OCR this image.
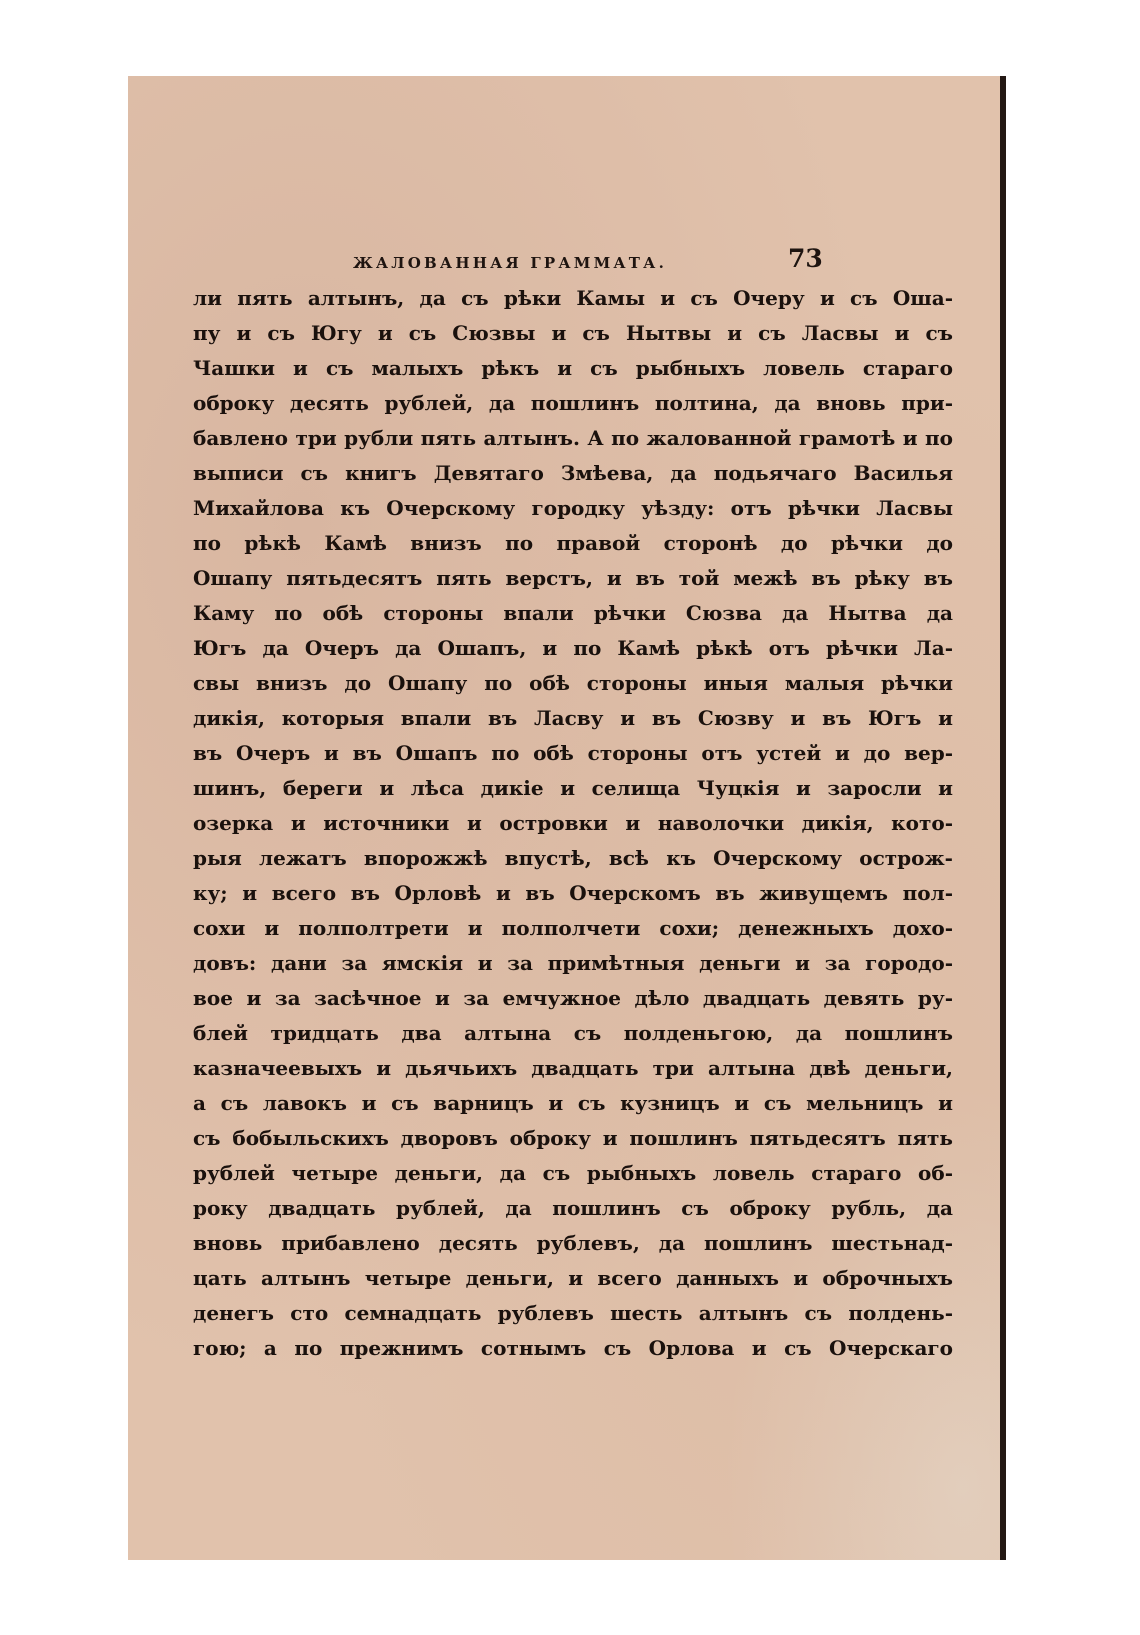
ЖАЛОВАННАЯ ГРАММАТА.	73
ли пять алтынъ, да съ рѣки Камы и съ Очеру и съ Оша-
пу и съ Югу и съ Сюзвы и съ Нытвы и съ Ласвы и съ
Чашки и съ малыхъ рѣкъ и съ рыбныхъ ловель стараго
оброку десять рублей, да пошлинъ полтина, да вновь при-
бавлено три рубли пять алтынъ. А по жалованной грамотѣ и по
выписи съ книгъ Девятаго Змѣева, да подьячаго Василья
Михайлова къ Очерскому городку уѣзду: отъ рѣчки Ласвы
по рѣкѣ Камѣ внизъ по правой сторонѣ до рѣчки до
Ошапу пятьдесятъ пять верстъ, и въ той межѣ въ рѣку въ
Каму по обѣ стороны впали рѣчки Сюзва да Нытва да
Югъ да Очеръ да Ошапъ, и по Камѣ рѣкѣ отъ рѣчки Ла-
свы внизъ до Ошапу по обѣ стороны иныя малыя рѣчки
дикія, которыя впали въ Ласву и въ Сюзву и въ Югъ и
въ Очеръ и въ Ошапъ по обѣ стороны отъ устей и до вер-
шинъ, береги и лѣса дикіе и селища Чуцкія и заросли и
озерка и источники и островки и наволочки дикія, кото-
рыя лежатъ впорожжѣ впустѣ, всѣ къ Очерскому острож-
ку; и всего въ Орловѣ и въ Очерскомъ въ живущемъ пол-
сохи и полполтрети и полполчети сохи; денежныхъ дохо-
довъ: дани за ямскія и за примѣтныя деньги и за городо-
вое и за засѣчное и за емчужное дѣло двадцать девять ру-
блей тридцать два алтына съ полденьгою, да пошлинъ
казначеевыхъ и дьячьихъ двадцать три алтына двѣ деньги,
а съ лавокъ и съ варницъ и съ кузницъ и съ мельницъ и
съ бобыльскихъ дворовъ оброку и пошлинъ пятьдесятъ пять
рублей четыре деньги, да съ рыбныхъ ловель стараго об-
року двадцать рублей, да пошлинъ съ оброку рубль, да
вновь прибавлено десять рублевъ, да пошлинъ шестьнад-
цать алтынъ четыре деньги, и всего данныхъ и оброчныхъ
денегъ сто семнадцать рублевъ шесть алтынъ съ полдень-
гою; а по прежнимъ сотнымъ съ Орлова и съ Очерскаго
